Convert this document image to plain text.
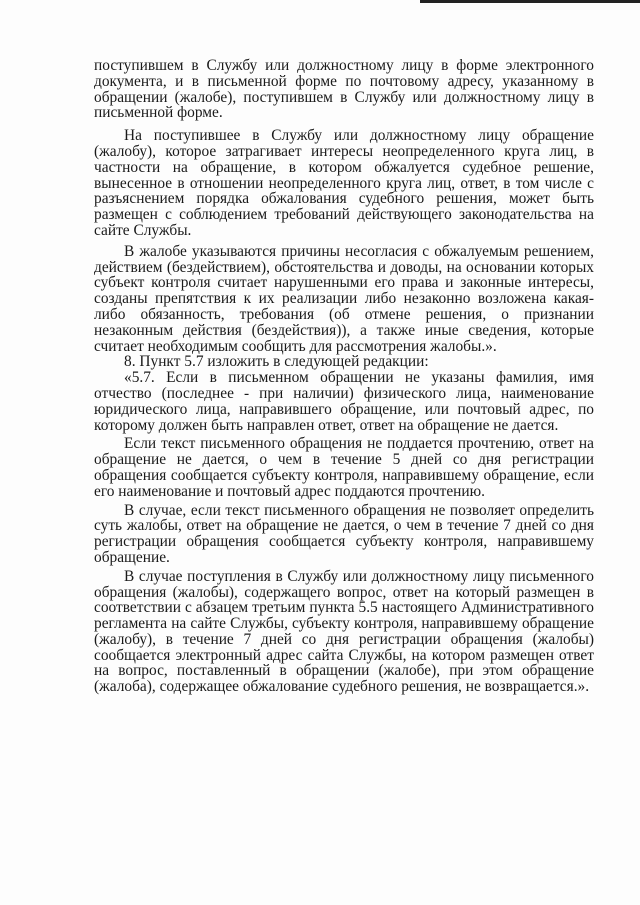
поступившем в Службу или должностному лицу в форме электронного документа, и в письменной форме по почтовому адресу, указанному в обращении (жалобе), поступившем в Службу или должностному лицу в письменной форме.

На поступившее в Службу или должностному лицу обращение (жалобу), которое затрагивает интересы неопределенного круга лиц, в частности на обращение, в котором обжалуется судебное решение, вынесенное в отношении неопределенного круга лиц, ответ, в том числе с разъяснением порядка обжалования судебного решения, может быть размещен с соблюдением требований действующего законодательства на сайте Службы.

В жалобе указываются причины несогласия с обжалуемым решением, действием (бездействием), обстоятельства и доводы, на основании которых субъект контроля считает нарушенными его права и законные интересы, созданы препятствия к их реализации либо незаконно возложена какая-либо обязанность, требования (об отмене решения, о признании незаконным действия (бездействия)), а также иные сведения, которые считает необходимым сообщить для рассмотрения жалобы.».

8. Пункт 5.7 изложить в следующей редакции:

«5.7. Если в письменном обращении не указаны фамилия, имя отчество (последнее - при наличии) физического лица, наименование юридического лица, направившего обращение, или почтовый адрес, по которому должен быть направлен ответ, ответ на обращение не дается.

Если текст письменного обращения не поддается прочтению, ответ на обращение не дается, о чем в течение 5 дней со дня регистрации обращения сообщается субъекту контроля, направившему обращение, если его наименование и почтовый адрес поддаются прочтению.

В случае, если текст письменного обращения не позволяет определить суть жалобы, ответ на обращение не дается, о чем в течение 7 дней со дня регистрации обращения сообщается субъекту контроля, направившему обращение.

В случае поступления в Службу или должностному лицу письменного обращения (жалобы), содержащего вопрос, ответ на который размещен в соответствии с абзацем третьим пункта 5.5 настоящего Административного регламента на сайте Службы, субъекту контроля, направившему обращение (жалобу), в течение 7 дней со дня регистрации обращения (жалобы) сообщается электронный адрес сайта Службы, на котором размещен ответ на вопрос, поставленный в обращении (жалобе), при этом обращение (жалоба), содержащее обжалование судебного решения, не возвращается.».
